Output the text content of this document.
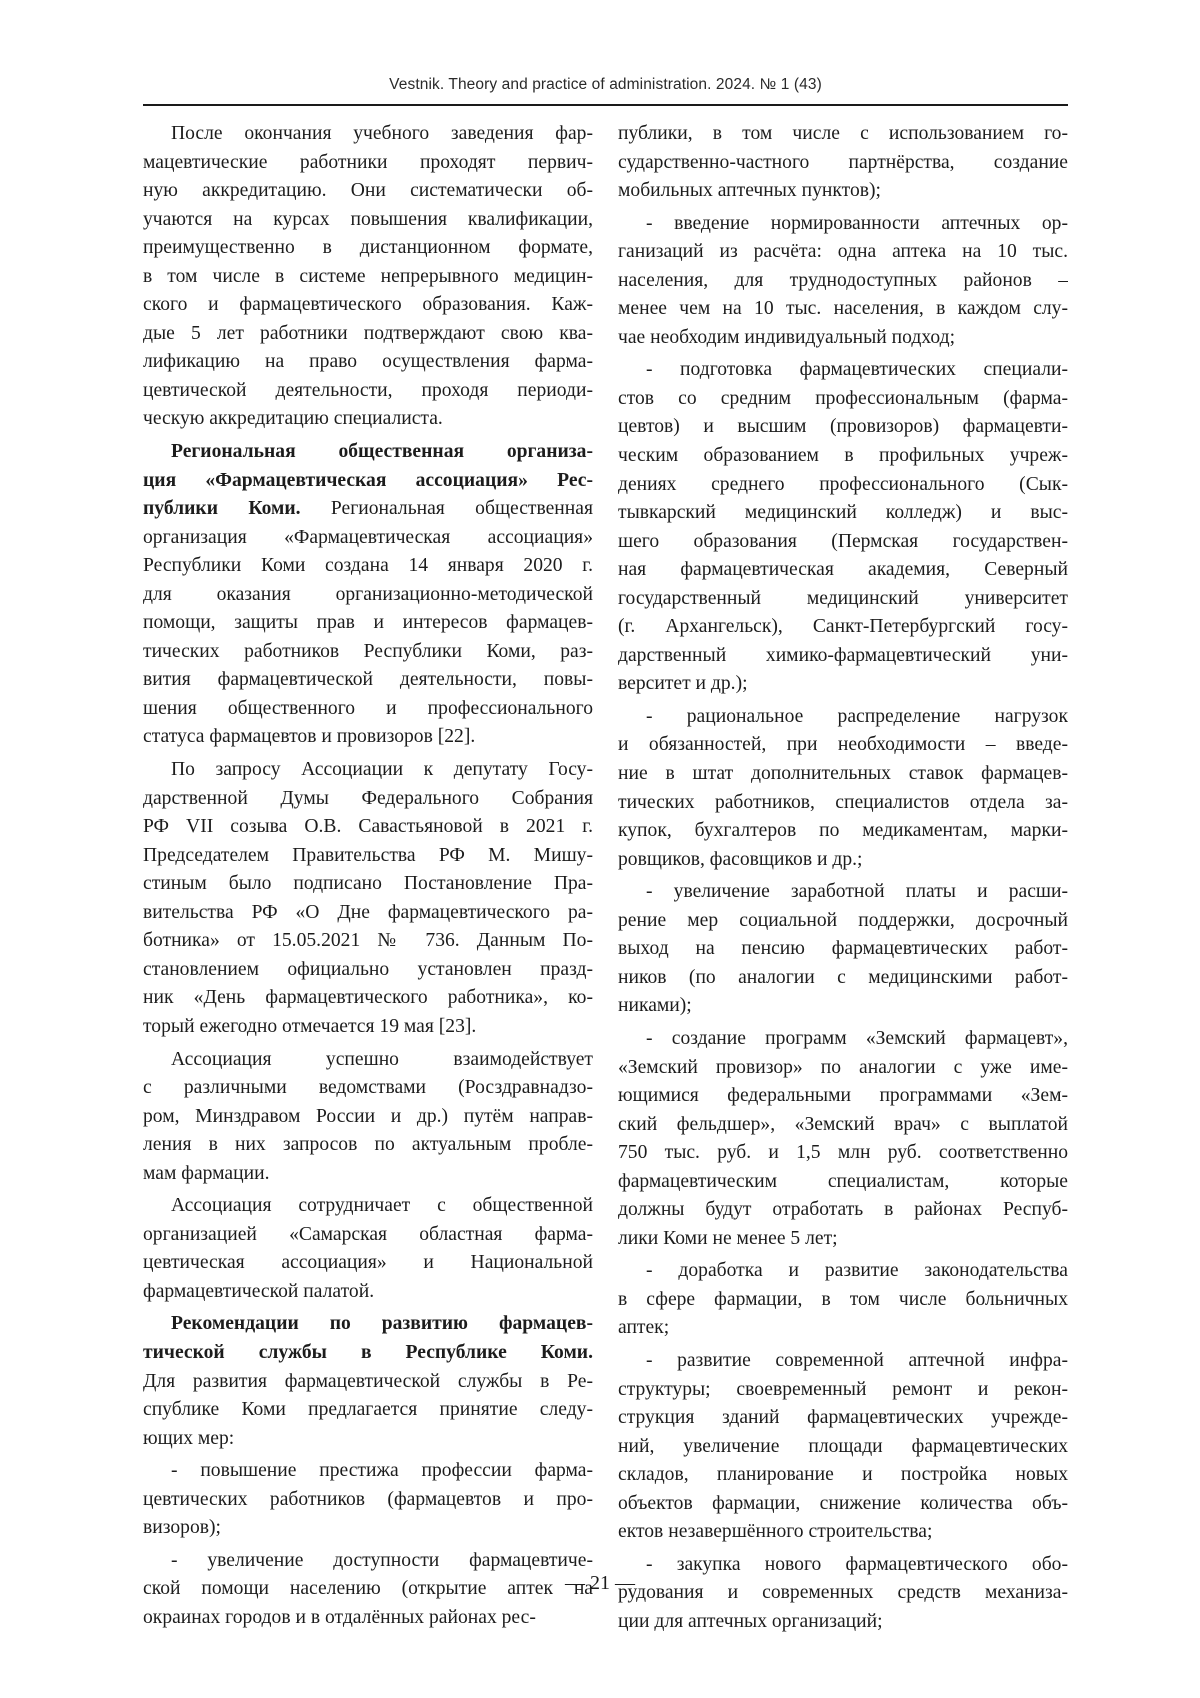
Vestnik. Theory and practice of administration. 2024. № 1 (43)
После окончания учебного заведения фар-
мацевтические работники проходят первич-
ную аккредитацию. Они систематически об-
учаются на курсах повышения квалификации,
преимущественно в дистанционном формате,
в том числе в системе непрерывного медицин-
ского и фармацевтического образования. Каж-
дые 5 лет работники подтверждают свою ква-
лификацию на право осуществления фарма-
цевтической деятельности, проходя периоди-
ческую аккредитацию специалиста.
Региональная общественная организа-
ция «Фармацевтическая ассоциация» Рес-
публики Коми. Региональная общественная
организация «Фармацевтическая ассоциация»
Республики Коми создана 14 января 2020 г.
для оказания организационно-методической
помощи, защиты прав и интересов фармацев-
тических работников Республики Коми, раз-
вития фармацевтической деятельности, повы-
шения общественного и профессионального
статуса фармацевтов и провизоров [22].
По запросу Ассоциации к депутату Госу-
дарственной Думы Федерального Собрания
РФ VII созыва О.В. Савастьяновой в 2021 г.
Председателем Правительства РФ М. Мишу-
стиным было подписано Постановление Пра-
вительства РФ «О Дне фармацевтического ра-
ботника» от 15.05.2021 № 736. Данным По-
становлением официально установлен празд-
ник «День фармацевтического работника», ко-
торый ежегодно отмечается 19 мая [23].
Ассоциация успешно взаимодействует
с различными ведомствами (Росздравнадзо-
ром, Минздравом России и др.) путём направ-
ления в них запросов по актуальным пробле-
мам фармации.
Ассоциация сотрудничает с общественной
организацией «Самарская областная фарма-
цевтическая ассоциация» и Национальной
фармацевтической палатой.
Рекомендации по развитию фармацев-
тической службы в Республике Коми.
Для развития фармацевтической службы в Ре-
спублике Коми предлагается принятие следу-
ющих мер:
- повышение престижа профессии фарма-
цевтических работников (фармацевтов и про-
визоров);
- увеличение доступности фармацевтиче-
ской помощи населению (открытие аптек на
окраинах городов и в отдалённых районах рес-
публики, в том числе с использованием го-
сударственно-частного партнёрства, создание
мобильных аптечных пунктов);
- введение нормированности аптечных ор-
ганизаций из расчёта: одна аптека на 10 тыс.
населения, для труднодоступных районов –
менее чем на 10 тыс. населения, в каждом слу-
чае необходим индивидуальный подход;
- подготовка фармацевтических специали-
стов со средним профессиональным (фарма-
цевтов) и высшим (провизоров) фармацевти-
ческим образованием в профильных учреж-
дениях среднего профессионального (Сык-
тывкарский медицинский колледж) и выс-
шего образования (Пермская государствен-
ная фармацевтическая академия, Северный
государственный медицинский университет
(г. Архангельск), Санкт-Петербургский госу-
дарственный химико-фармацевтический уни-
верситет и др.);
- рациональное распределение нагрузок
и обязанностей, при необходимости – введе-
ние в штат дополнительных ставок фармацев-
тических работников, специалистов отдела за-
купок, бухгалтеров по медикаментам, марки-
ровщиков, фасовщиков и др.;
- увеличение заработной платы и расши-
рение мер социальной поддержки, досрочный
выход на пенсию фармацевтических работ-
ников (по аналогии с медицинскими работ-
никами);
- создание программ «Земский фармацевт»,
«Земский провизор» по аналогии с уже име-
ющимися федеральными программами «Зем-
ский фельдшер», «Земский врач» с выплатой
750 тыс. руб. и 1,5 млн руб. соответственно
фармацевтическим специалистам, которые
должны будут отработать в районах Респуб-
лики Коми не менее 5 лет;
- доработка и развитие законодательства
в сфере фармации, в том числе больничных
аптек;
- развитие современной аптечной инфра-
структуры; своевременный ремонт и рекон-
струкция зданий фармацевтических учрежде-
ний, увеличение площади фармацевтических
складов, планирование и постройка новых
объектов фармации, снижение количества объ-
ектов незавершённого строительства;
- закупка нового фармацевтического обо-
рудования и современных средств механиза-
ции для аптечных организаций;
— 21 —
